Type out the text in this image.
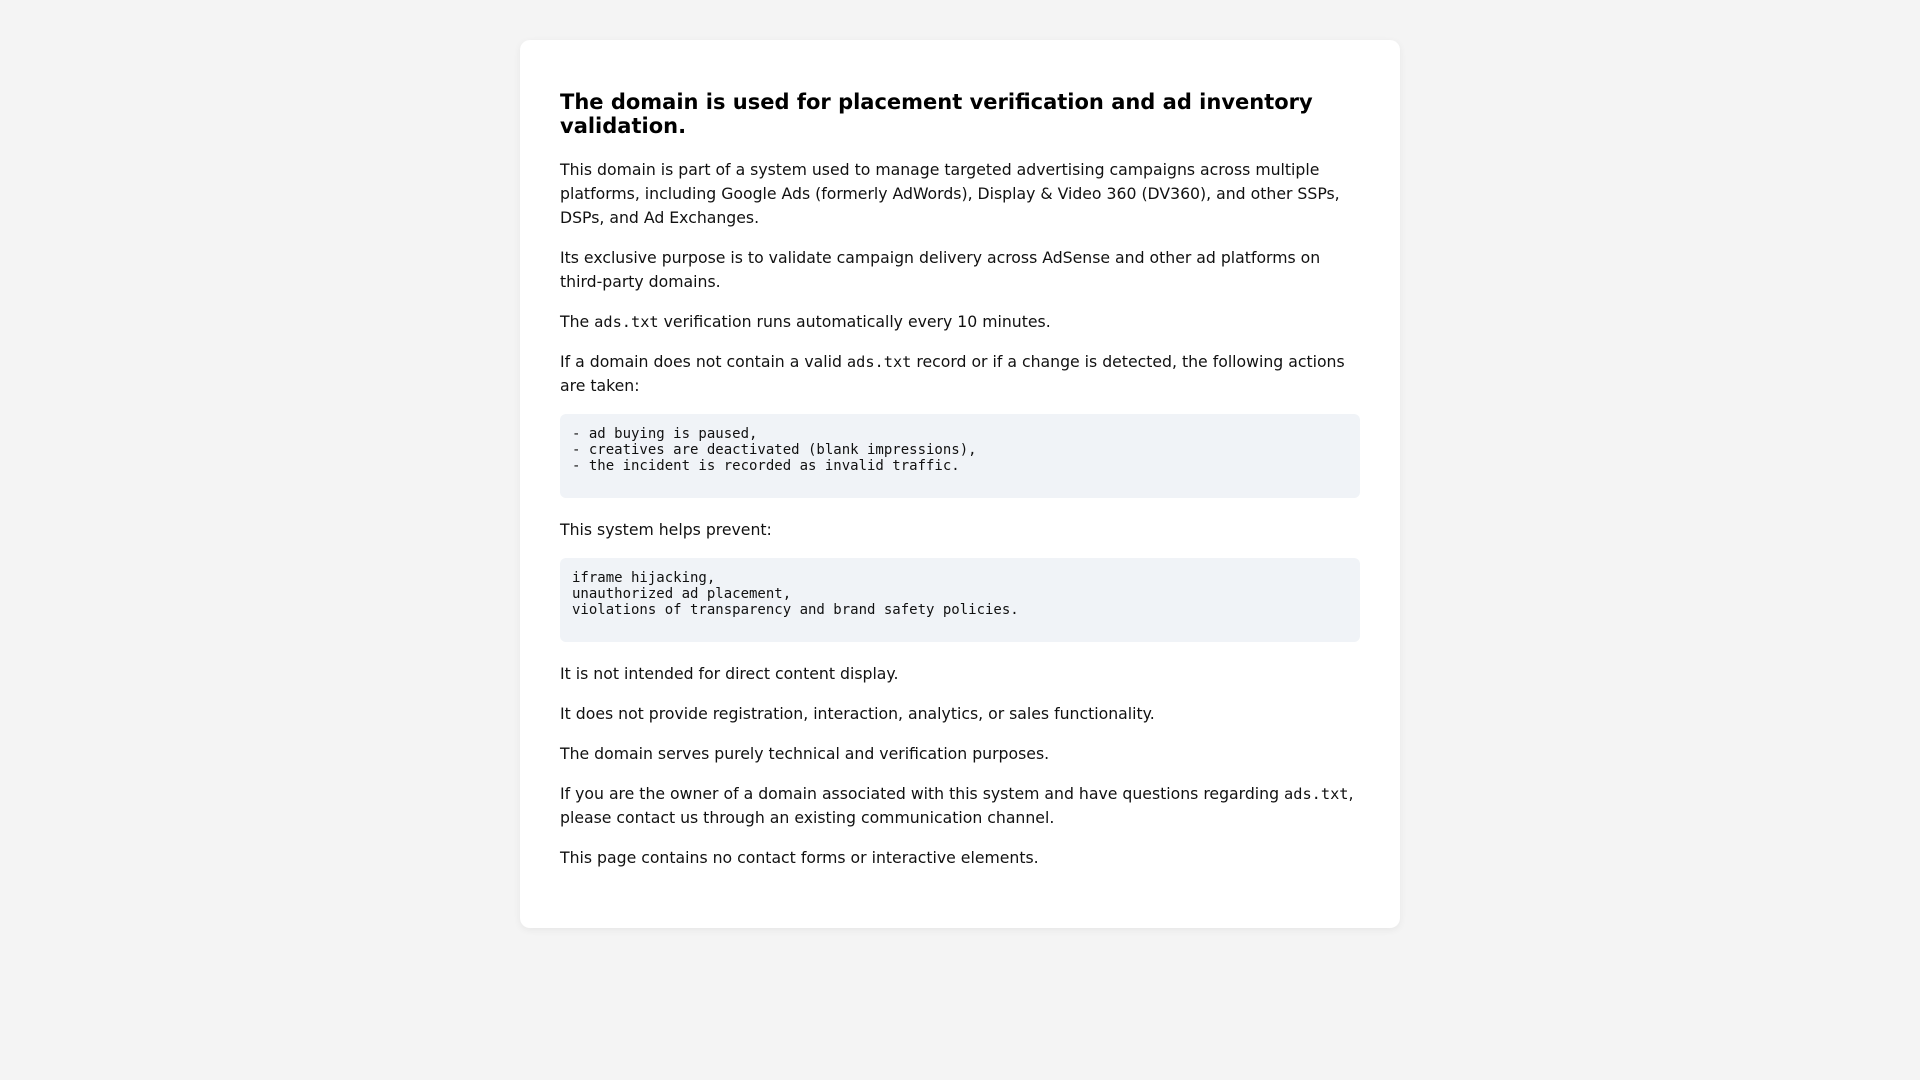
The domain is used for placement verification and ad inventory validation.

This domain is part of a system used to manage targeted advertising campaigns across multiple platforms, including Google Ads (formerly AdWords), Display & Video 360 (DV360), and other SSPs, DSPs, and Ad Exchanges.

Its exclusive purpose is to validate campaign delivery across AdSense and other ad platforms on third-party domains.

The ads.txt verification runs automatically every 10 minutes.

If a domain does not contain a valid ads.txt record or if a change is detected, the following actions are taken:

- ad buying is paused,
- creatives are deactivated (blank impressions),
- the incident is recorded as invalid traffic.

This system helps prevent:

iframe hijacking,
unauthorized ad placement,
violations of transparency and brand safety policies.

It is not intended for direct content display.

It does not provide registration, interaction, analytics, or sales functionality.

The domain serves purely technical and verification purposes.

If you are the owner of a domain associated with this system and have questions regarding ads.txt, please contact us through an existing communication channel.

This page contains no contact forms or interactive elements.
